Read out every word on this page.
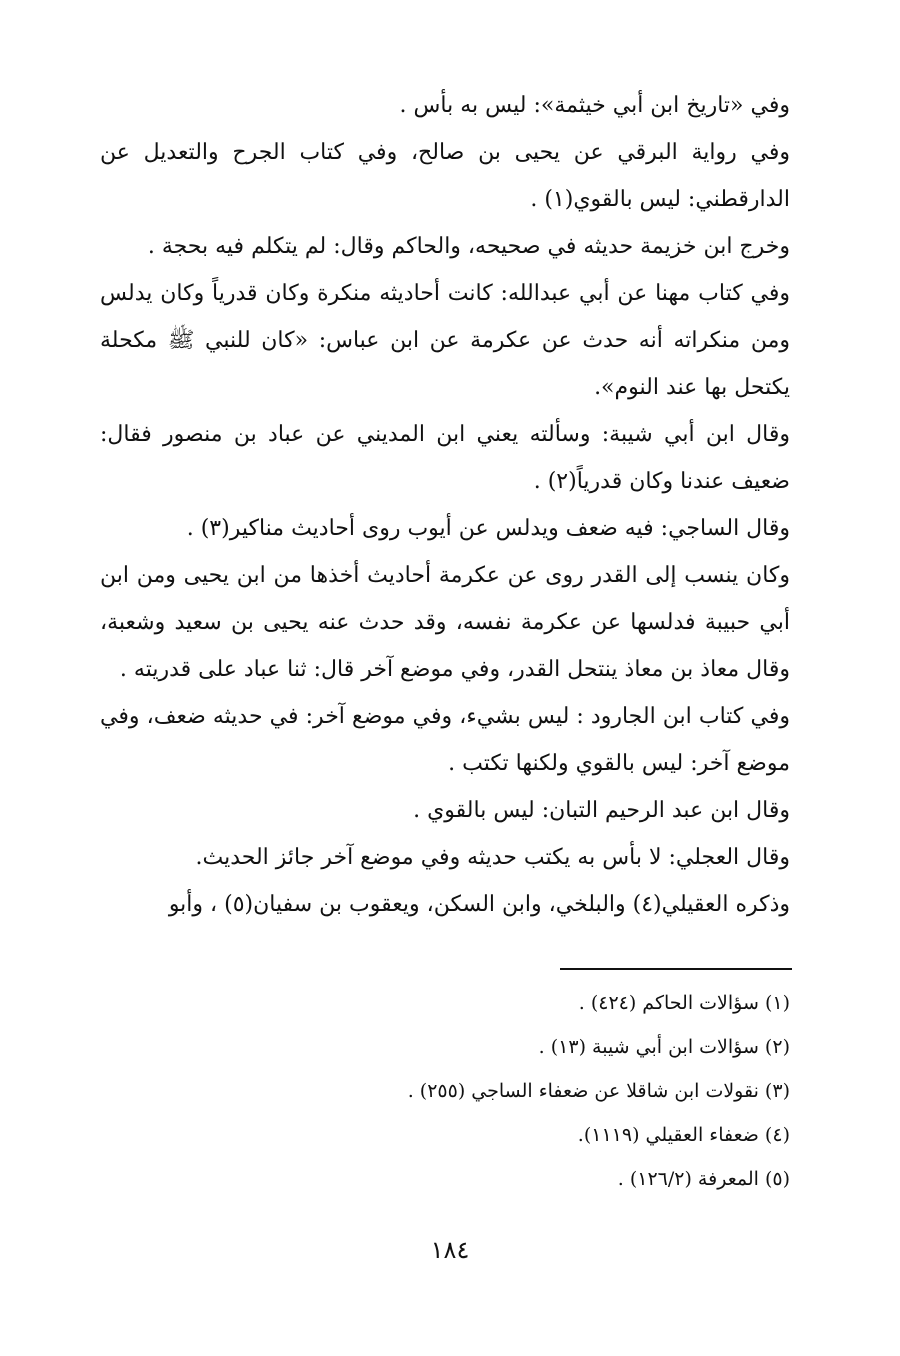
وفي «تاريخ ابن أبي خيثمة»: ليس به بأس .

وفي رواية البرقي عن يحيى بن صالح، وفي كتاب الجرح والتعديل عن الدارقطني: ليس بالقوي(١) .

وخرج ابن خزيمة حديثه في صحيحه، والحاكم وقال: لم يتكلم فيه بحجة .

وفي كتاب مهنا عن أبي عبدالله: كانت أحاديثه منكرة وكان قدرياً وكان يدلس ومن منكراته أنه حدث عن عكرمة عن ابن عباس: «كان للنبي ﷺ مكحلة يكتحل بها عند النوم».

وقال ابن أبي شيبة: وسألته يعني ابن المديني عن عباد بن منصور فقال: ضعيف عندنا وكان قدرياً(٢) .

وقال الساجي: فيه ضعف ويدلس عن أيوب روى أحاديث مناكير(٣) .

وكان ينسب إلى القدر روى عن عكرمة أحاديث أخذها من ابن يحيى ومن ابن أبي حبيبة فدلسها عن عكرمة نفسه، وقد حدث عنه يحيى بن سعيد وشعبة، وقال معاذ بن معاذ ينتحل القدر، وفي موضع آخر قال: ثنا عباد على قدريته .

وفي كتاب ابن الجارود : ليس بشيء، وفي موضع آخر: في حديثه ضعف، وفي موضع آخر: ليس بالقوي ولكنها تكتب .

وقال ابن عبد الرحيم التبان: ليس بالقوي .

وقال العجلي: لا بأس به يكتب حديثه وفي موضع آخر جائز الحديث.

وذكره العقيلي(٤) والبلخي، وابن السكن، ويعقوب بن سفيان(٥) ، وأبو

(١) سؤالات الحاكم (٤٢٤) .

(٢) سؤالات ابن أبي شيبة (١٣) .

(٣) نقولات ابن شاقلا عن ضعفاء الساجي (٢٥٥) .

(٤) ضعفاء العقيلي (١١١٩).

(٥) المعرفة (١٢٦/٢) .

١٨٤
